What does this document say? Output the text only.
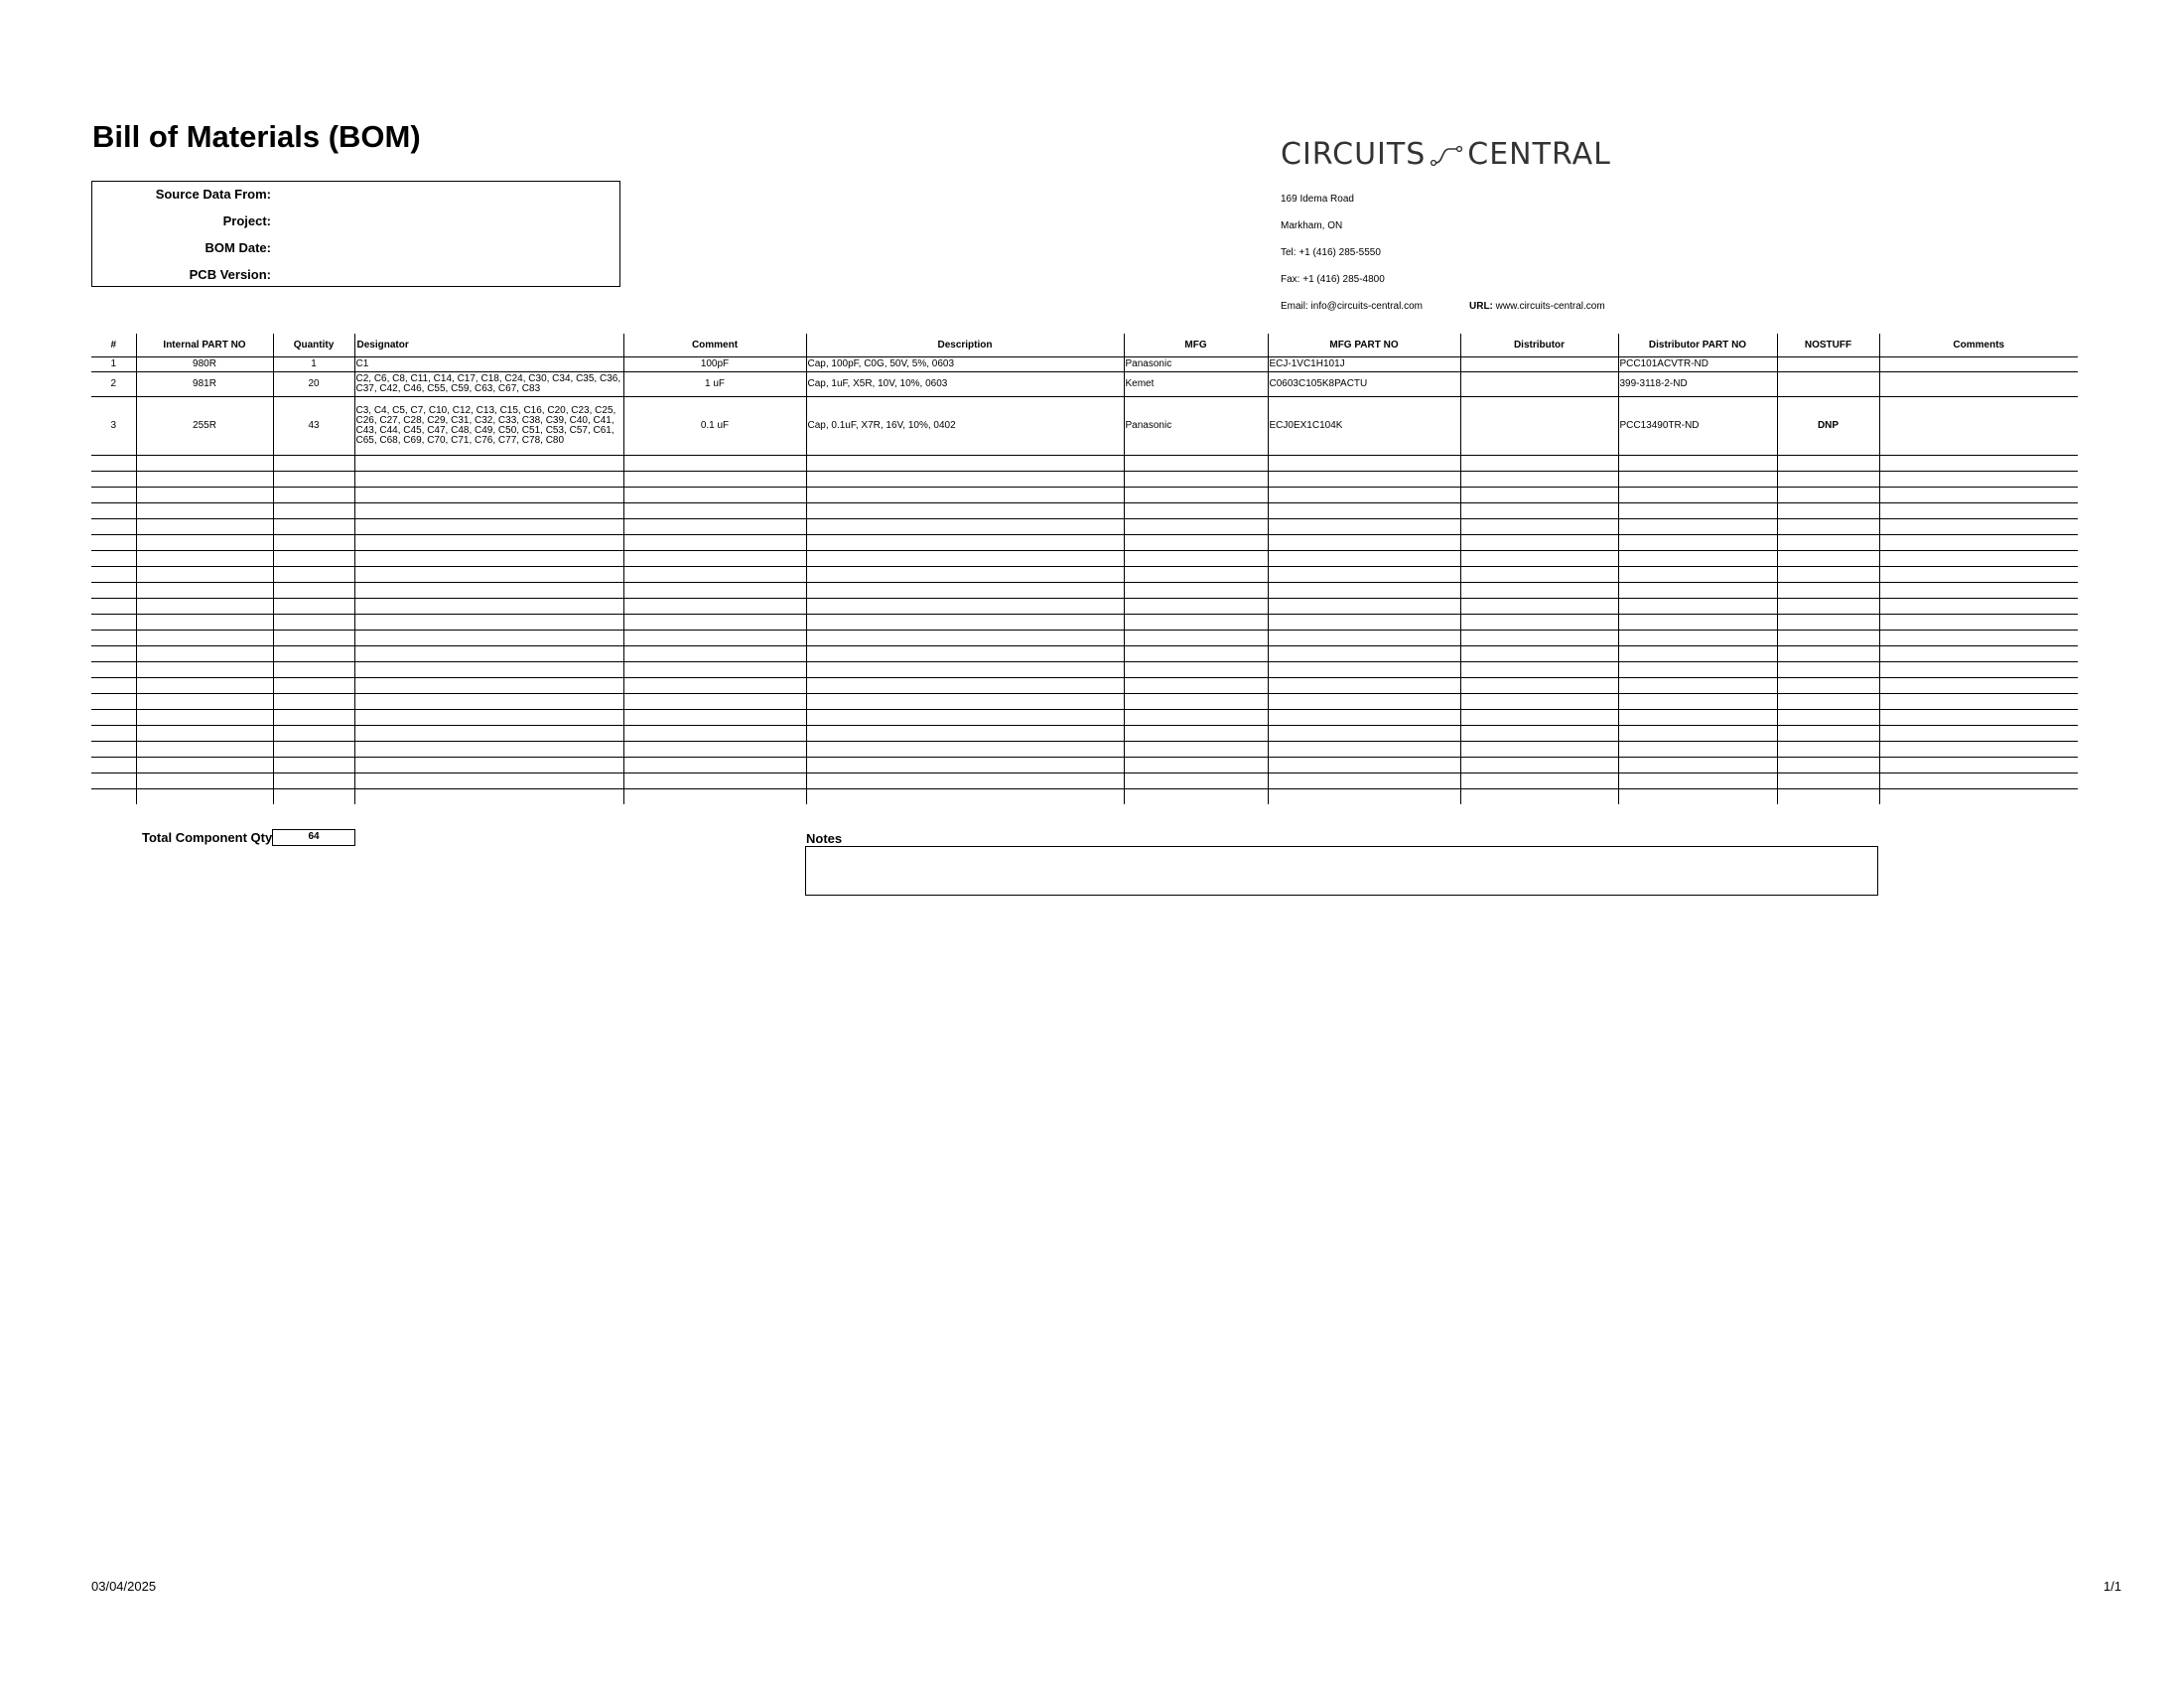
Bill of Materials (BOM)
Source Data From:
Project:
BOM Date:
PCB Version:
CIRCUITS CENTRAL
169 Idema Road
Markham, ON
Tel: +1 (416) 285-5550
Fax: +1 (416) 285-4800
Email: info@circuits-central.com	URL: www.circuits-central.com
#	Internal PART NO	Quantity	Designator	Comment	Description	MFG	MFG PART NO	Distributor	Distributor PART NO	NOSTUFF	Comments
1	980R	1	C1	100pF	Cap, 100pF, C0G, 50V, 5%, 0603	Panasonic	ECJ-1VC1H101J		PCC101ACVTR-ND		
2	981R	20	C2, C6, C8, C11, C14, C17, C18, C24, C30, C34, C35, C36, C37, C42, C46, C55, C59, C63, C67, C83	1 uF	Cap, 1uF, X5R, 10V, 10%, 0603	Kemet	C0603C105K8PACTU		399-3118-2-ND		
3	255R	43	C3, C4, C5, C7, C10, C12, C13, C15, C16, C20, C23, C25, C26, C27, C28, C29, C31, C32, C33, C38, C39, C40, C41, C43, C44, C45, C47, C48, C49, C50, C51, C53, C57, C61, C65, C68, C69, C70, C71, C76, C77, C78, C80	0.1 uF	Cap, 0.1uF, X7R, 16V, 10%, 0402	Panasonic	ECJ0EX1C104K		PCC13490TR-ND	DNP	

Total Component Qty	64	Notes
03/04/2025	1/1
